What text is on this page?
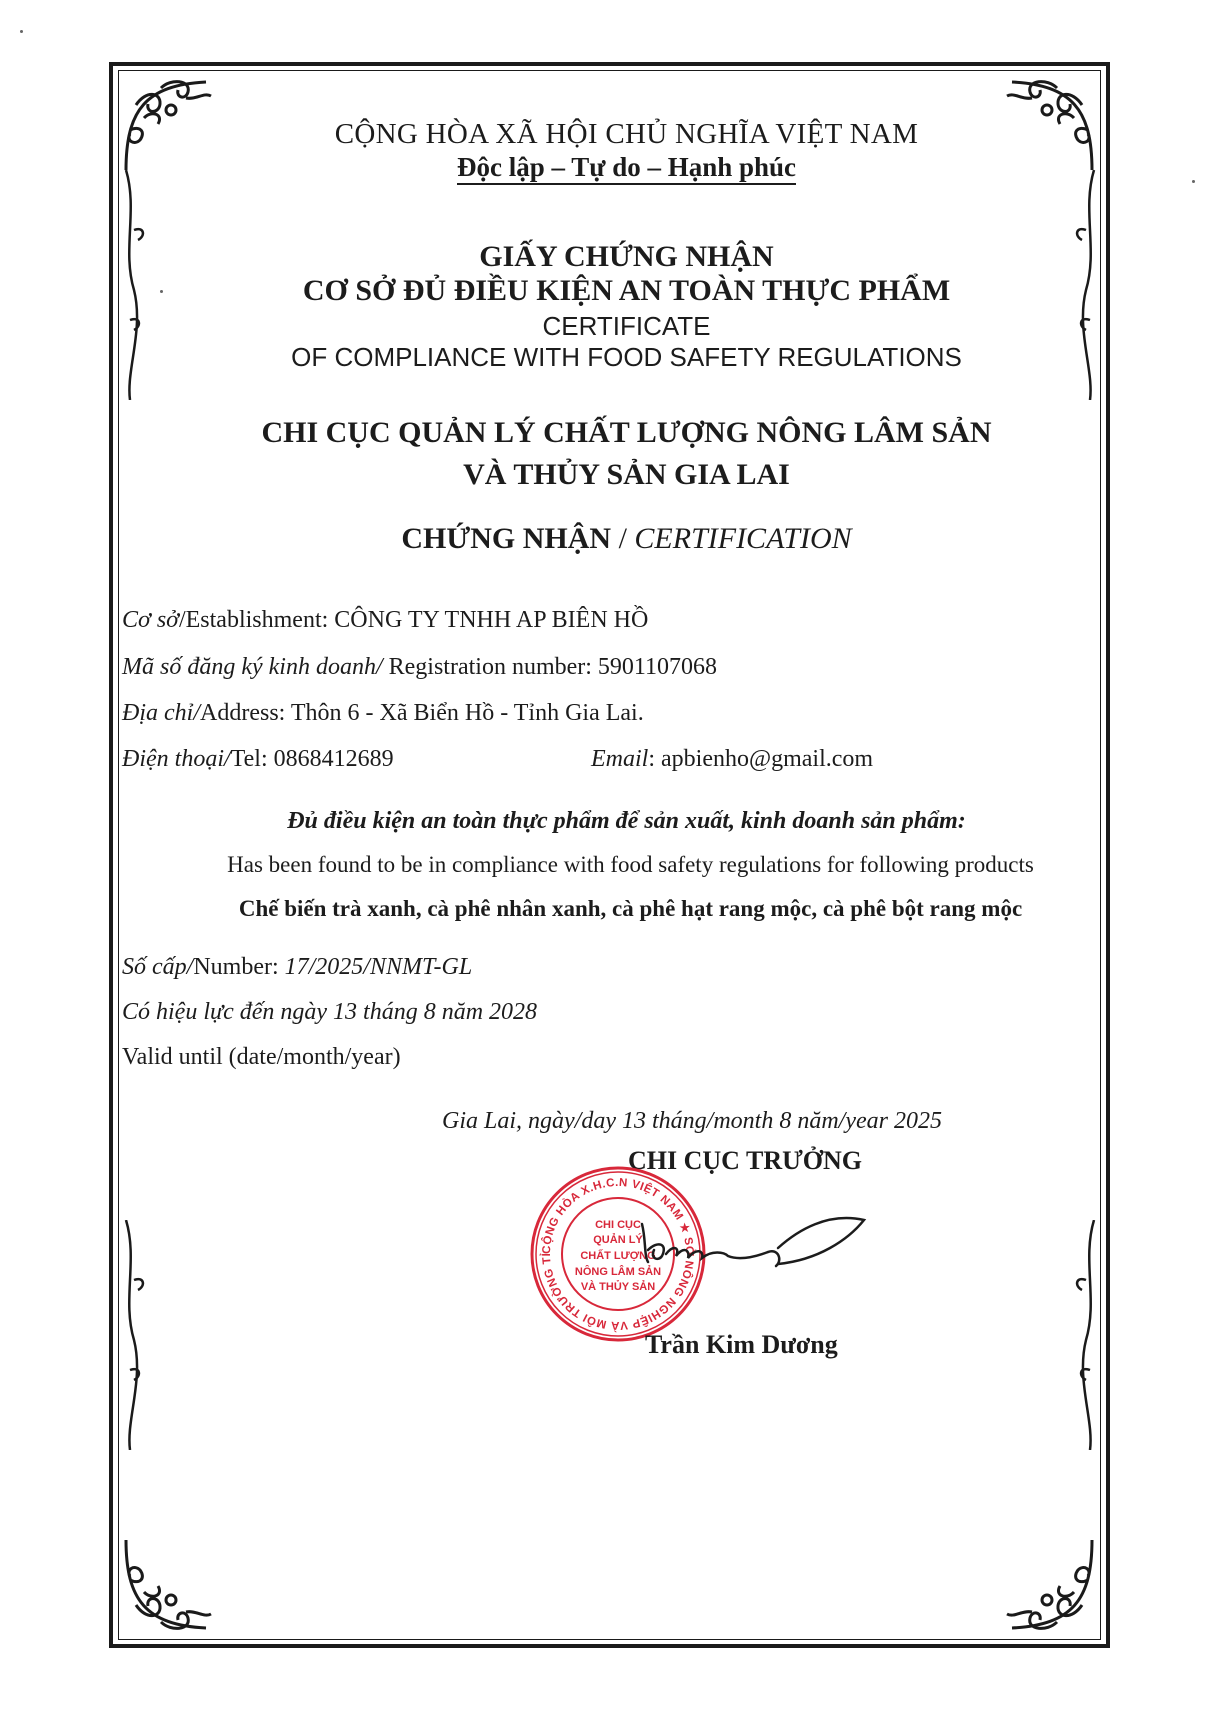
CỘNG HÒA XÃ HỘI CHỦ NGHĨA VIỆT NAM
Độc lập – Tự do – Hạnh phúc
GIẤY CHỨNG NHẬN
CƠ SỞ ĐỦ ĐIỀU KIỆN AN TOÀN THỰC PHẨM
CERTIFICATE
OF COMPLIANCE WITH FOOD SAFETY REGULATIONS
CHI CỤC QUẢN LÝ CHẤT LƯỢNG NÔNG LÂM SẢN
VÀ THỦY SẢN GIA LAI
CHỨNG NHẬN / CERTIFICATION
Cơ sở/Establishment: CÔNG TY TNHH AP BIÊN HỒ
Mã số đăng ký kinh doanh/ Registration number: 5901107068
Địa chỉ/Address: Thôn 6 - Xã Biển Hồ - Tỉnh Gia Lai.
Điện thoại/Tel: 0868412689	Email: apbienho@gmail.com
Đủ điều kiện an toàn thực phẩm để sản xuất, kinh doanh sản phẩm:
Has been found to be in compliance with food safety regulations for following products
Chế biến trà xanh, cà phê nhân xanh, cà phê hạt rang mộc, cà phê bột rang mộc
Số cấp/Number: 17/2025/NNMT-GL
Có hiệu lực đến ngày 13 tháng 8 năm 2028
Valid until (date/month/year)
Gia Lai, ngày/day 13 tháng/month 8 năm/year 2025
CHI CỤC TRƯỞNG
CỘNG HÒA X.H.C.N VIỆT NAM ★ SỞ NÔNG NGHIỆP VÀ MÔI TRƯỜNG TỈ
CHI CỤC
QUẢN LÝ
CHẤT LƯỢNG
NÔNG LÂM SẢN
VÀ THỦY SẢN
Trần Kim Dương
